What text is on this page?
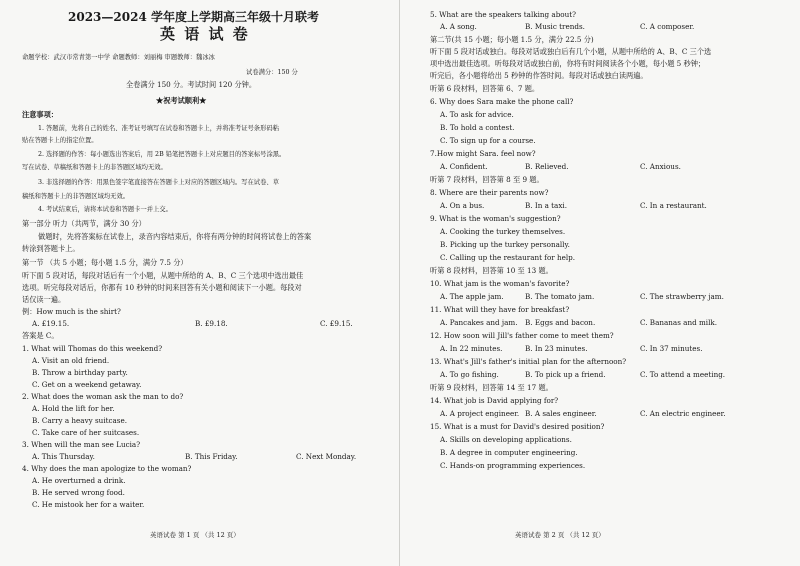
2023—2024 学年度上学期高三年级十月联考
英 语 试 卷
命题学校：武汉市常青第一中学 命题教师：刘丽梅 审题教师：魏冰冰
试卷满分：150 分
全卷满分 150 分。考试时间 120 分钟。
★祝考试顺利★
注意事项：
1. 答题前，先将自己的姓名、准考证号填写在试卷和答题卡上，并将准考证号条形码粘
贴在答题卡上的指定位置。
2. 选择题的作答：每小题选出答案后，用 2B 铅笔把答题卡上对应题目的答案标号涂黑。
写在试卷、草稿纸和答题卡上的非答题区域均无效。
3. 非选择题的作答：用黑色签字笔直接答在答题卡上对应的答题区域内。写在试卷、草
稿纸和答题卡上的非答题区域均无效。
4. 考试结束后，请将本试卷和答题卡一并上交。
第一部分 听力（共两节，满分 30 分）
做题时，先将答案标在试卷上，录音内容结束后，你将有两分钟的时间将试卷上的答案
转涂到答题卡上。
第一节 （共 5 小题；每小题 1.5 分，满分 7.5 分）
听下面 5 段对话，每段对话后有一个小题，从题中所给的 A、B、C 三个选项中选出最佳
选项。听完每段对话后，你都有 10 秒钟的时间来回答有关小题和阅读下一小题。每段对
话仅读一遍。
例：How much is the shirt?
A. £19.15.	B. £9.18.	C. £9.15.
答案是 C。
1. What will Thomas do this weekend?
A. Visit an old friend.
B. Throw a birthday party.
C. Get on a weekend getaway.
2. What does the woman ask the man to do?
A. Hold the lift for her.
B. Carry a heavy suitcase.
C. Take care of her suitcases.
3. When will the man see Lucia?
A. This Thursday.	B. This Friday.	C. Next Monday.
4. Why does the man apologize to the woman?
A. He overturned a drink.
B. He served wrong food.
C. He mistook her for a waiter.
英语试卷 第 1 页 （共 12 页）
5. What are the speakers talking about?
A. A song.	B. Music trends.	C. A composer.
第二节(共 15 小题；每小题 1.5 分，满分 22.5 分)
听下面 5 段对话或独白。每段对话或独白后有几个小题，从题中所给的 A、B、C 三个选
项中选出最佳选项。听每段对话或独白前，你将有时间阅读各个小题，每小题 5 秒钟；
听完后，各小题将给出 5 秒钟的作答时间。每段对话或独白读两遍。
听第 6 段材料，回答第 6、7 题。
6. Why does Sara make the phone call?
A. To ask for advice.
B. To hold a contest.
C. To sign up for a course.
7.How might Sara. feel now?
A. Confident.	B. Relieved.	C. Anxious.
听第 7 段材料，回答第 8 至 9 题。
8. Where are their parents now?
A. On a bus.	B. In a taxi.	C. In a restaurant.
9. What is the woman's suggestion?
A. Cooking the turkey themselves.
B. Picking up the turkey personally.
C. Calling up the restaurant for help.
听第 8 段材料，回答第 10 至 13 题。
10. What jam is the woman's favorite?
A. The apple jam.	B. The tomato jam.	C. The strawberry jam.
11. What will they have for breakfast?
A. Pancakes and jam. B. Eggs and bacon.	C. Bananas and milk.
12. How soon will Jill's father come to meet them?
A. In 22 minutes.	B. In 23 minutes.	C. In 37 minutes.
13. What's Jill's father's initial plan for the afternoon?
A. To go fishing.	B. To pick up a friend.	C. To attend a meeting.
听第 9 段材料，回答第 14 至 17 题。
14. What job is David applying for?
A. A project engineer. B. A sales engineer.	C. An electric engineer.
15. What is a must for David's desired position?
A. Skills on developing applications.
B. A degree in computer engineering.
C. Hands-on programming experiences.
英语试卷 第 2 页 （共 12 页）
